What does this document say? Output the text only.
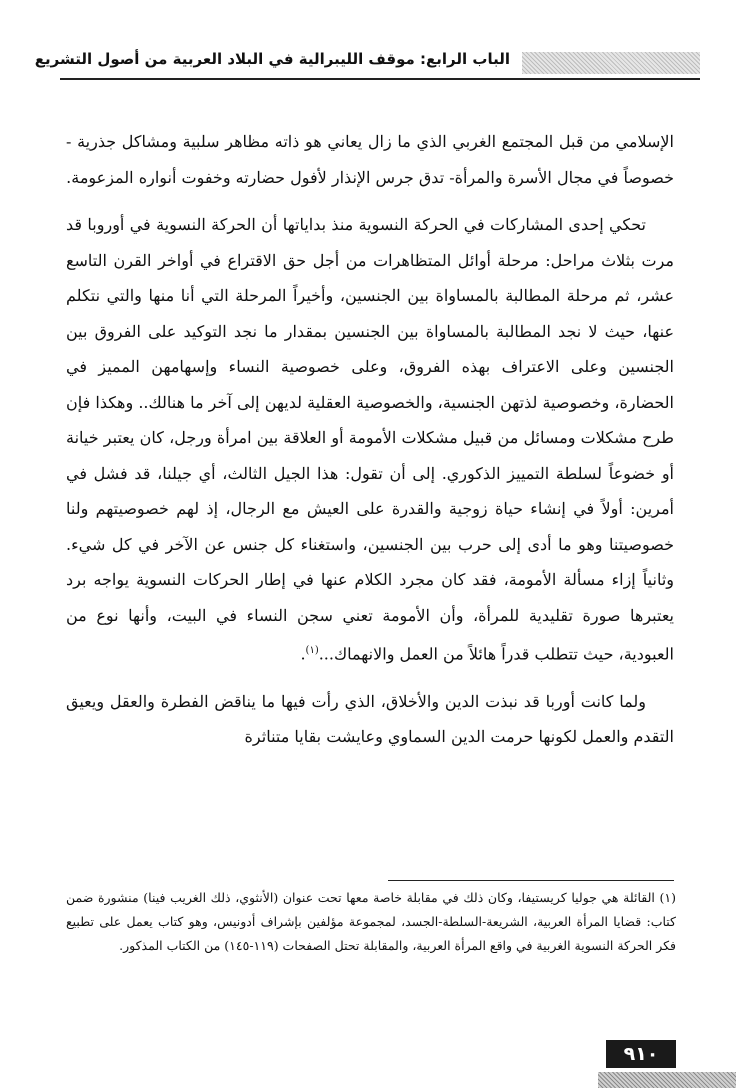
الباب الرابع: موقف الليبرالية في البلاد العربية من أصول التشريع

الإسلامي من قبل المجتمع الغربي الذي ما زال يعاني هو ذاته مظاهر سلبية ومشاكل جذرية - خصوصاً في مجال الأسرة والمرأة- تدق جرس الإنذار لأفول حضارته وخفوت أنواره المزعومة.

تحكي إحدى المشاركات في الحركة النسوية منذ بداياتها أن الحركة النسوية في أوروبا قد مرت بثلاث مراحل: مرحلة أوائل المتظاهرات من أجل حق الاقتراع في أواخر القرن التاسع عشر، ثم مرحلة المطالبة بالمساواة بين الجنسين، وأخيراً المرحلة التي أنا منها والتي نتكلم عنها، حيث لا نجد المطالبة بالمساواة بين الجنسين بمقدار ما نجد التوكيد على الفروق بين الجنسين وعلى الاعتراف بهذه الفروق، وعلى خصوصية النساء وإسهامهن المميز في الحضارة، وخصوصية لذتهن الجنسية، والخصوصية العقلية لديهن إلى آخر ما هنالك.. وهكذا فإن طرح مشكلات ومسائل من قبيل مشكلات الأمومة أو العلاقة بين امرأة ورجل، كان يعتبر خيانة أو خضوعاً لسلطة التمييز الذكوري. إلى أن تقول: هذا الجيل الثالث، أي جيلنا، قد فشل في أمرين: أولاً في إنشاء حياة زوجية والقدرة على العيش مع الرجال، إذ لهم خصوصيتهم ولنا خصوصيتنا وهو ما أدى إلى حرب بين الجنسين، واستغناء كل جنس عن الآخر في كل شيء. وثانياً إزاء مسألة الأمومة، فقد كان مجرد الكلام عنها في إطار الحركات النسوية يواجه برد يعتبرها صورة تقليدية للمرأة، وأن الأمومة تعني سجن النساء في البيت، وأنها نوع من العبودية، حيث تتطلب قدراً هائلاً من العمل والانهماك...$^{(١)}$.

ولما كانت أوربا قد نبذت الدين والأخلاق، الذي رأت فيها ما يناقض الفطرة والعقل ويعيق التقدم والعمل لكونها حرمت الدين السماوي وعايشت بقايا متناثرة

(١) القائلة هي جوليا كريستيفا، وكان ذلك في مقابلة خاصة معها تحت عنوان (الأنثوي، ذلك الغريب فينا) منشورة ضمن كتاب: قضايا المرأة العربية، الشريعة-السلطة-الجسد، لمجموعة مؤلفين بإشراف أدونيس، وهو كتاب يعمل على تطبيع فكر الحركة النسوية الغربية في واقع المرأة العربية، والمقابلة تحتل الصفحات (١١٩-١٤٥) من الكتاب المذكور.

٩١٠
